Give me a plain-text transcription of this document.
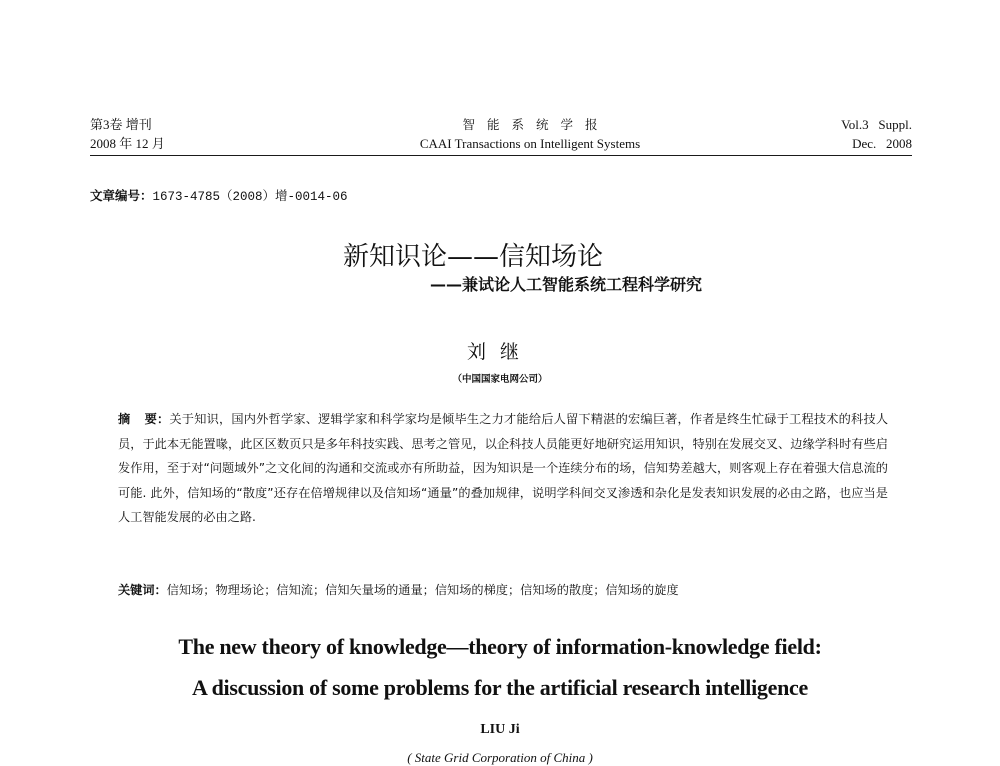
第3卷 增刊
2008 年 12 月
智能系统学报
CAAI Transactions on Intelligent Systems
Vol.3 Suppl.
Dec. 2008
文章编号：1673-4785（2008）增-0014-06
新知识论——信知场论
——兼试论人工智能系统工程科学研究
刘继
（中国国家电网公司）
摘 要：关于知识，国内外哲学家、逻辑学家和科学家均是倾毕生之力才能给后人留下精湛的宏编巨著，作者是终生忙碌于工程技术的科技人员，于此本无能置喙，此区区数页只是多年科技实践、思考之管见，以企科技人员能更好地研究运用知识，特别在发展交叉、边缘学科时有些启发作用，至于对“问题域外”之文化间的沟通和交流或亦有所助益，因为知识是一个连续分布的场，信知势差越大，则客观上存在着强大信息流的可能. 此外，信知场的“散度”还存在倍增规律以及信知场“通量”的叠加规律，说明学科间交叉渗透和杂化是发表知识发展的必由之路，也应当是人工智能发展的必由之路.
关键词：信知场；物理场论；信知流；信知矢量场的通量；信知场的梯度；信知场的散度；信知场的旋度
The new theory of knowledge—theory of information-knowledge field:
A discussion of some problems for the artificial research intelligence
LIU Ji
( State Grid Corporation of China )
